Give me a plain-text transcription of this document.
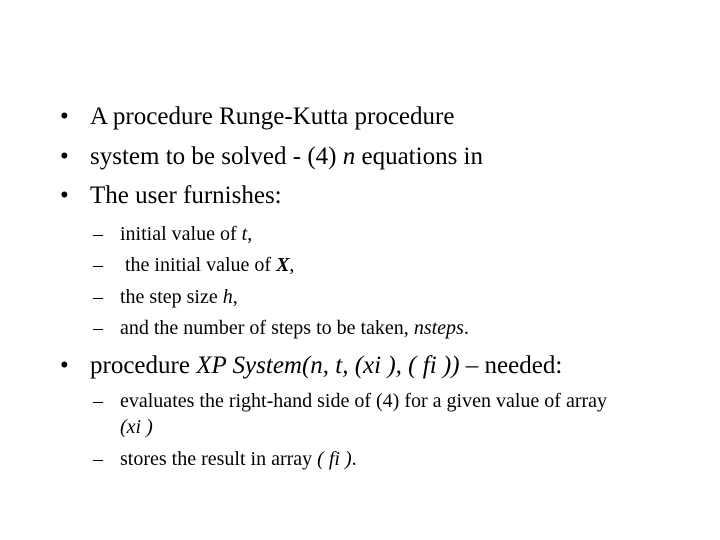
• A procedure Runge-Kutta procedure
• system to be solved - (4) n equations in
• The user furnishes:
– initial value of t,
– the initial value of X,
– the step size h,
– and the number of steps to be taken, nsteps.
• procedure XP System(n, t, (xi ), ( fi )) – needed:
– evaluates the right-hand side of (4) for a given value of array
(xi )
– stores the result in array ( fi ).
